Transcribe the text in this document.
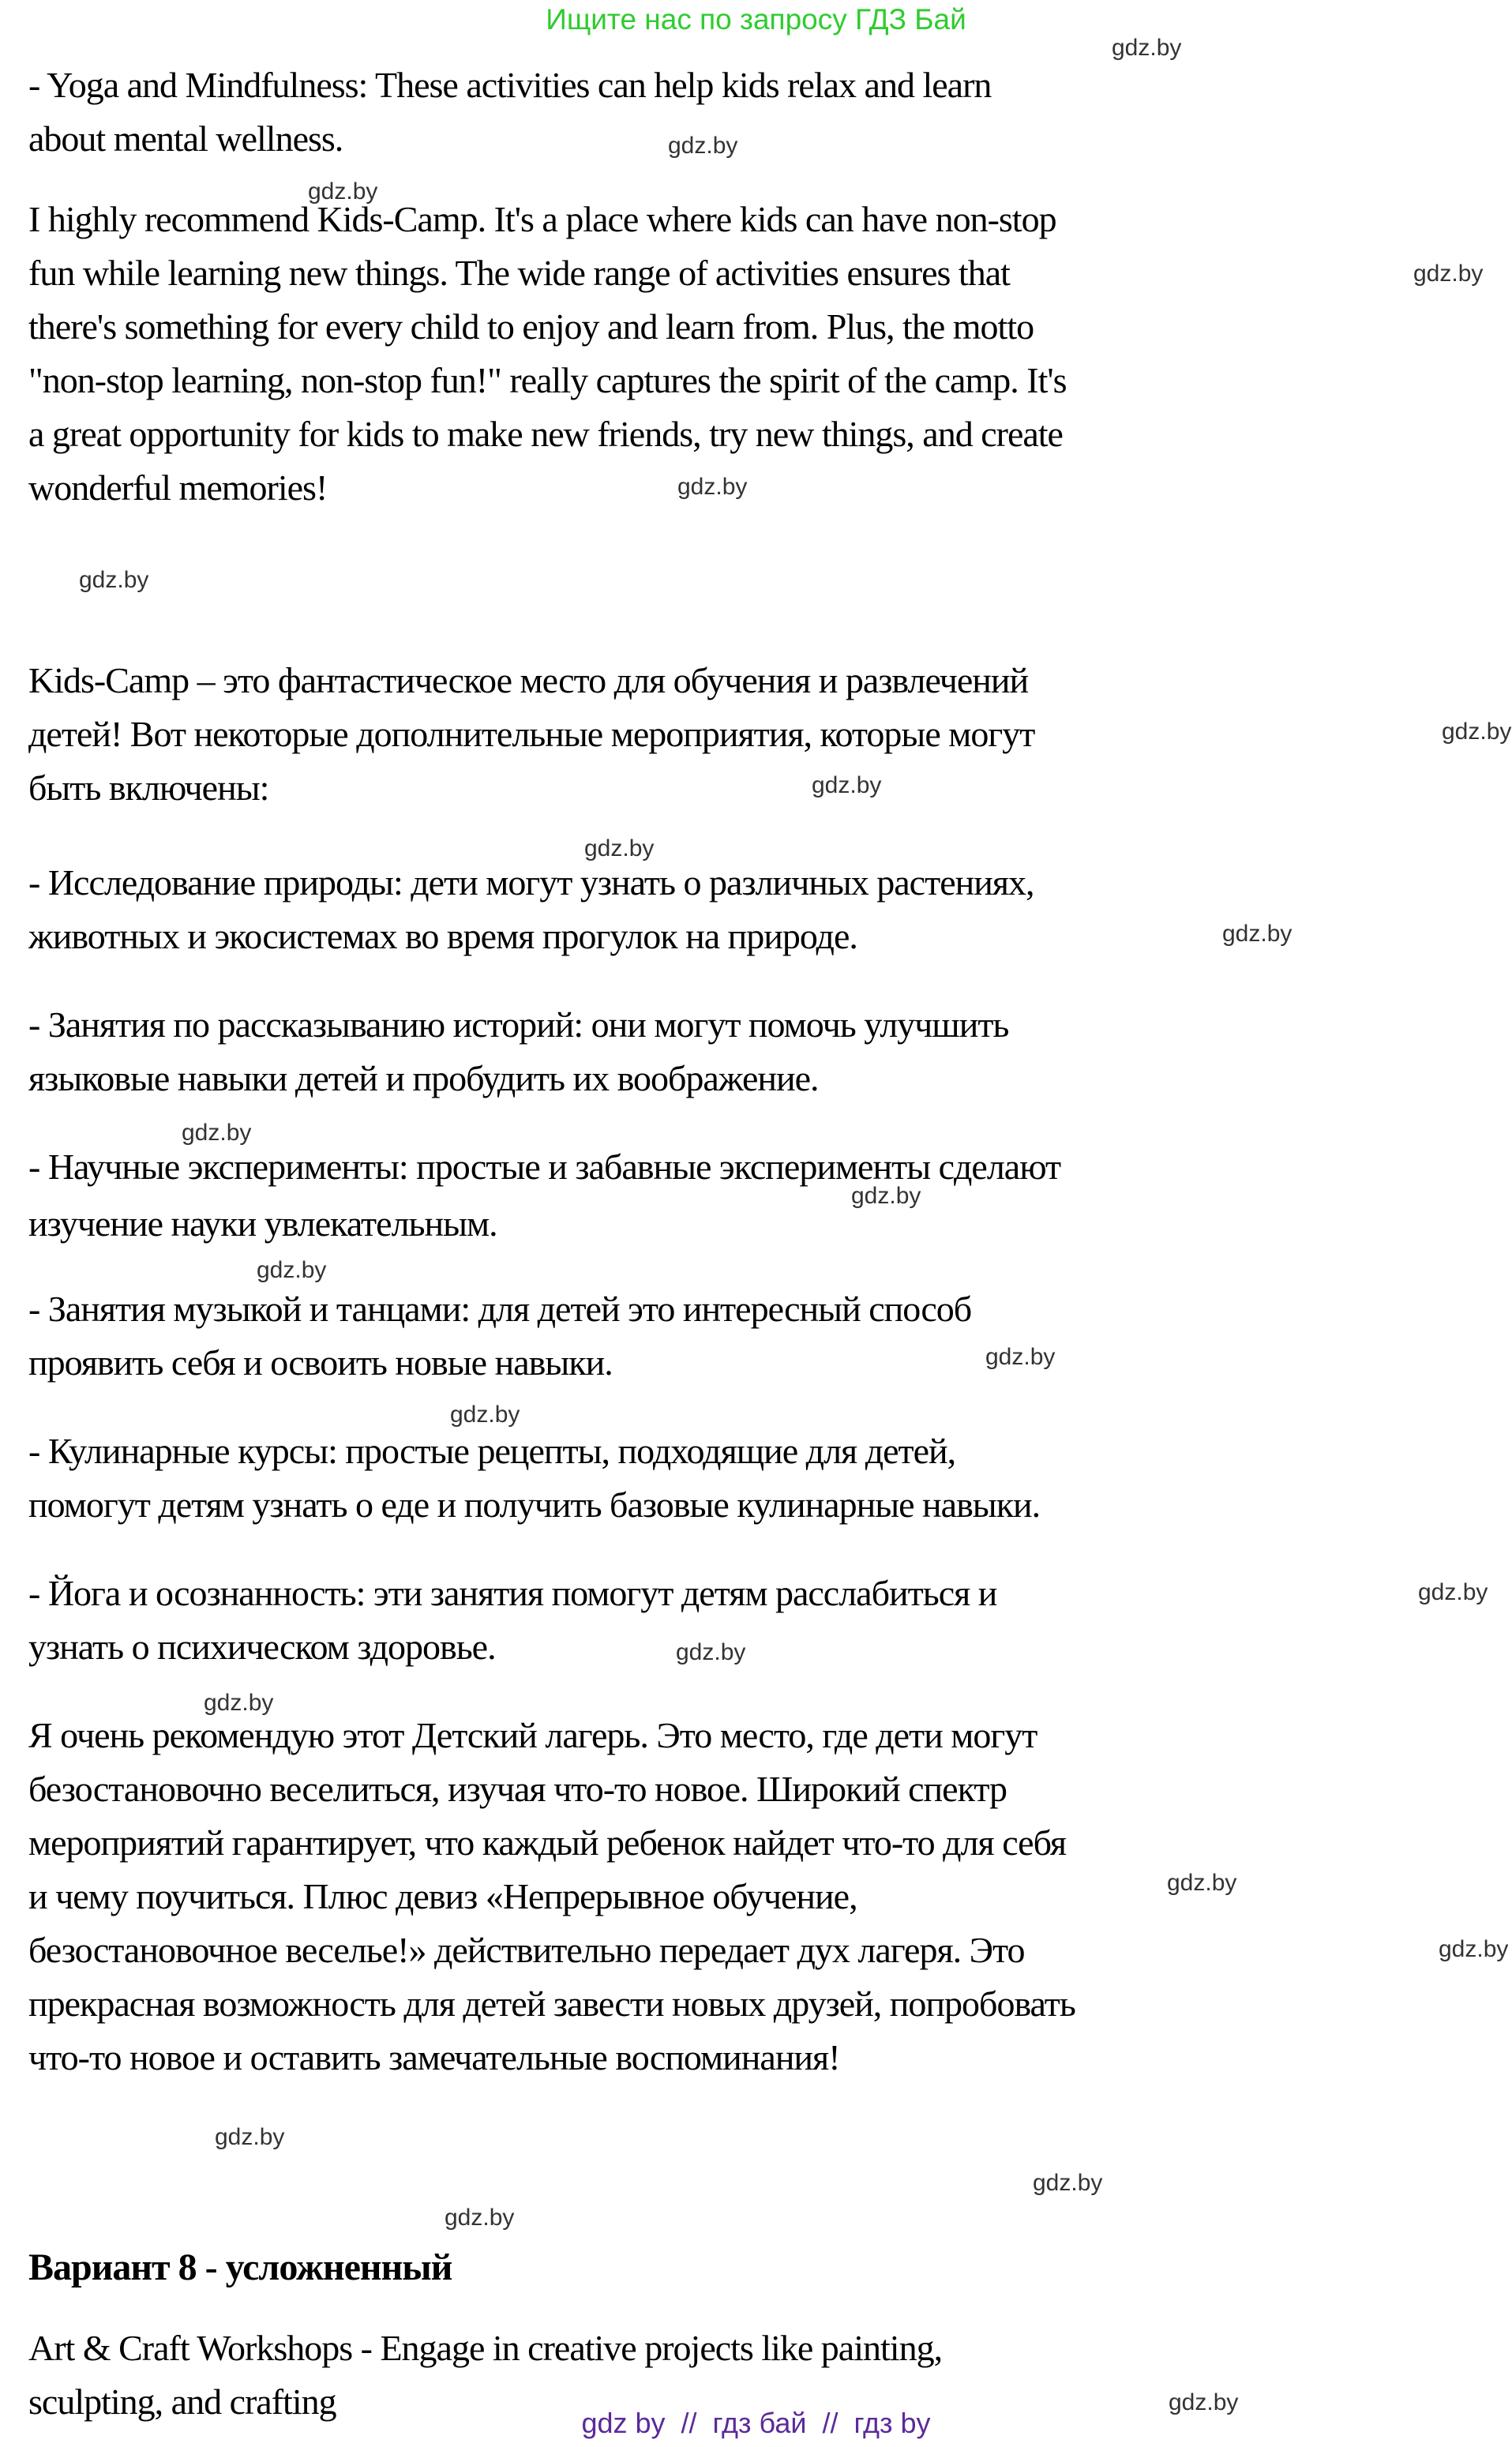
Ищите нас по запросу ГДЗ Бай
gdz.by
- Yoga and Mindfulness: These activities can help kids relax and learn
about mental wellness.	gdz.by
gdz.by
I highly recommend Kids-Camp. It's a place where kids can have non-stop
fun while learning new things. The wide range of activities ensures that	gdz.by
there's something for every child to enjoy and learn from. Plus, the motto
"non-stop learning, non-stop fun!" really captures the spirit of the camp. It's
a great opportunity for kids to make new friends, try new things, and create
wonderful memories!	gdz.by
gdz.by
Kids-Camp – это фантастическое место для обучения и развлечений
детей! Вот некоторые дополнительные мероприятия, которые могут	gdz.by
быть включены:	gdz.by
gdz.by
- Исследование природы: дети могут узнать о различных растениях,
животных и экосистемах во время прогулок на природе.	gdz.by
- Занятия по рассказыванию историй: они могут помочь улучшить
языковые навыки детей и пробудить их воображение.
gdz.by
- Научные эксперименты: простые и забавные эксперименты сделают
gdz.by
изучение науки увлекательным.
gdz.by
- Занятия музыкой и танцами: для детей это интересный способ
проявить себя и освоить новые навыки.	gdz.by
gdz.by
- Кулинарные курсы: простые рецепты, подходящие для детей,
помогут детям узнать о еде и получить базовые кулинарные навыки.
- Йога и осознанность: эти занятия помогут детям расслабиться и	gdz.by
узнать о психическом здоровье.	gdz.by
gdz.by
Я очень рекомендую этот Детский лагерь. Это место, где дети могут
безостановочно веселиться, изучая что-то новое. Широкий спектр
мероприятий гарантирует, что каждый ребенок найдет что-то для себя
gdz.by
и чему поучиться. Плюс девиз «Непрерывное обучение,
безостановочное веселье!» действительно передает дух лагеря. Это	gdz.by
прекрасная возможность для детей завести новых друзей, попробовать
что-то новое и оставить замечательные воспоминания!
gdz.by
gdz.by
gdz.by
Вариант 8 - усложненный
Art & Craft Workshops - Engage in creative projects like painting,
sculpting, and crafting	gdz.by
gdz by  //  гдз бай  //  гдз by
